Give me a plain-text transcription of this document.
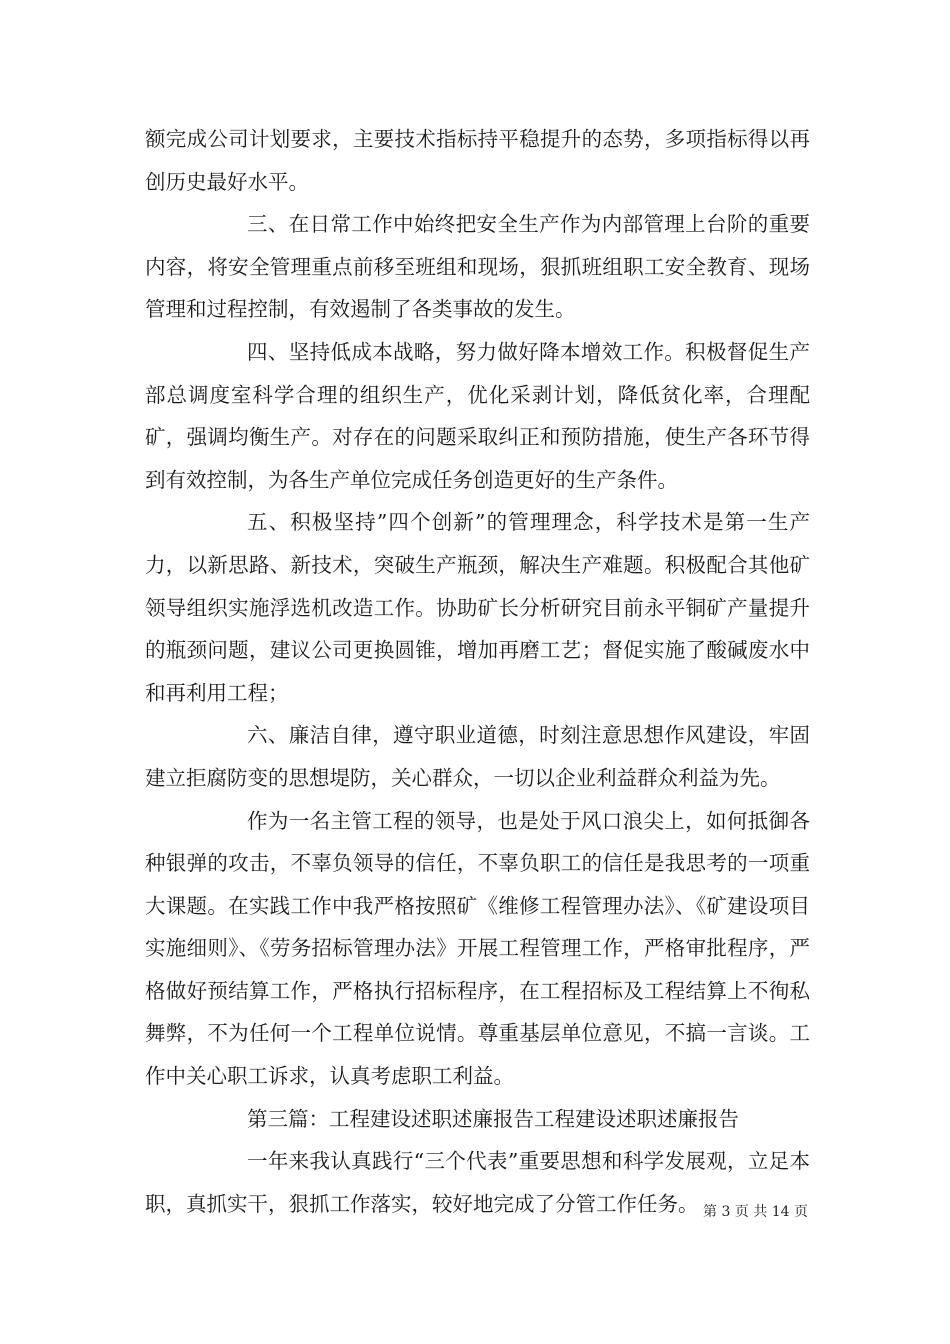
额完成公司计划要求，主要技术指标持平稳提升的态势，多项指标得以再创历史最好水平。

三、在日常工作中始终把安全生产作为内部管理上台阶的重要内容，将安全管理重点前移至班组和现场，狠抓班组职工安全教育、现场管理和过程控制，有效遏制了各类事故的发生。

四、坚持低成本战略，努力做好降本增效工作。积极督促生产部总调度室科学合理的组织生产，优化采剥计划，降低贫化率，合理配矿，强调均衡生产。对存在的问题采取纠正和预防措施，使生产各环节得到有效控制，为各生产单位完成任务创造更好的生产条件。

五、积极坚持”四个创新”的管理理念，科学技术是第一生产力，以新思路、新技术，突破生产瓶颈，解决生产难题。积极配合其他矿领导组织实施浮选机改造工作。协助矿长分析研究目前永平铜矿产量提升的瓶颈问题，建议公司更换圆锥，增加再磨工艺；督促实施了酸碱废水中和再利用工程；

六、廉洁自律，遵守职业道德，时刻注意思想作风建设，牢固建立拒腐防变的思想堤防，关心群众，一切以企业利益群众利益为先。

作为一名主管工程的领导，也是处于风口浪尖上，如何抵御各种银弹的攻击，不辜负领导的信任，不辜负职工的信任是我思考的一项重大课题。在实践工作中我严格按照矿《维修工程管理办法》、《矿建设项目实施细则》、《劳务招标管理办法》开展工程管理工作，严格审批程序，严格做好预结算工作，严格执行招标程序，在工程招标及工程结算上不徇私舞弊，不为任何一个工程单位说情。尊重基层单位意见，不搞一言谈。工作中关心职工诉求，认真考虑职工利益。

第三篇：工程建设述职述廉报告工程建设述职述廉报告

一年来我认真践行“三个代表”重要思想和科学发展观，立足本职，真抓实干，狠抓工作落实，较好地完成了分管工作任务。 第 3 页 共 14 页
